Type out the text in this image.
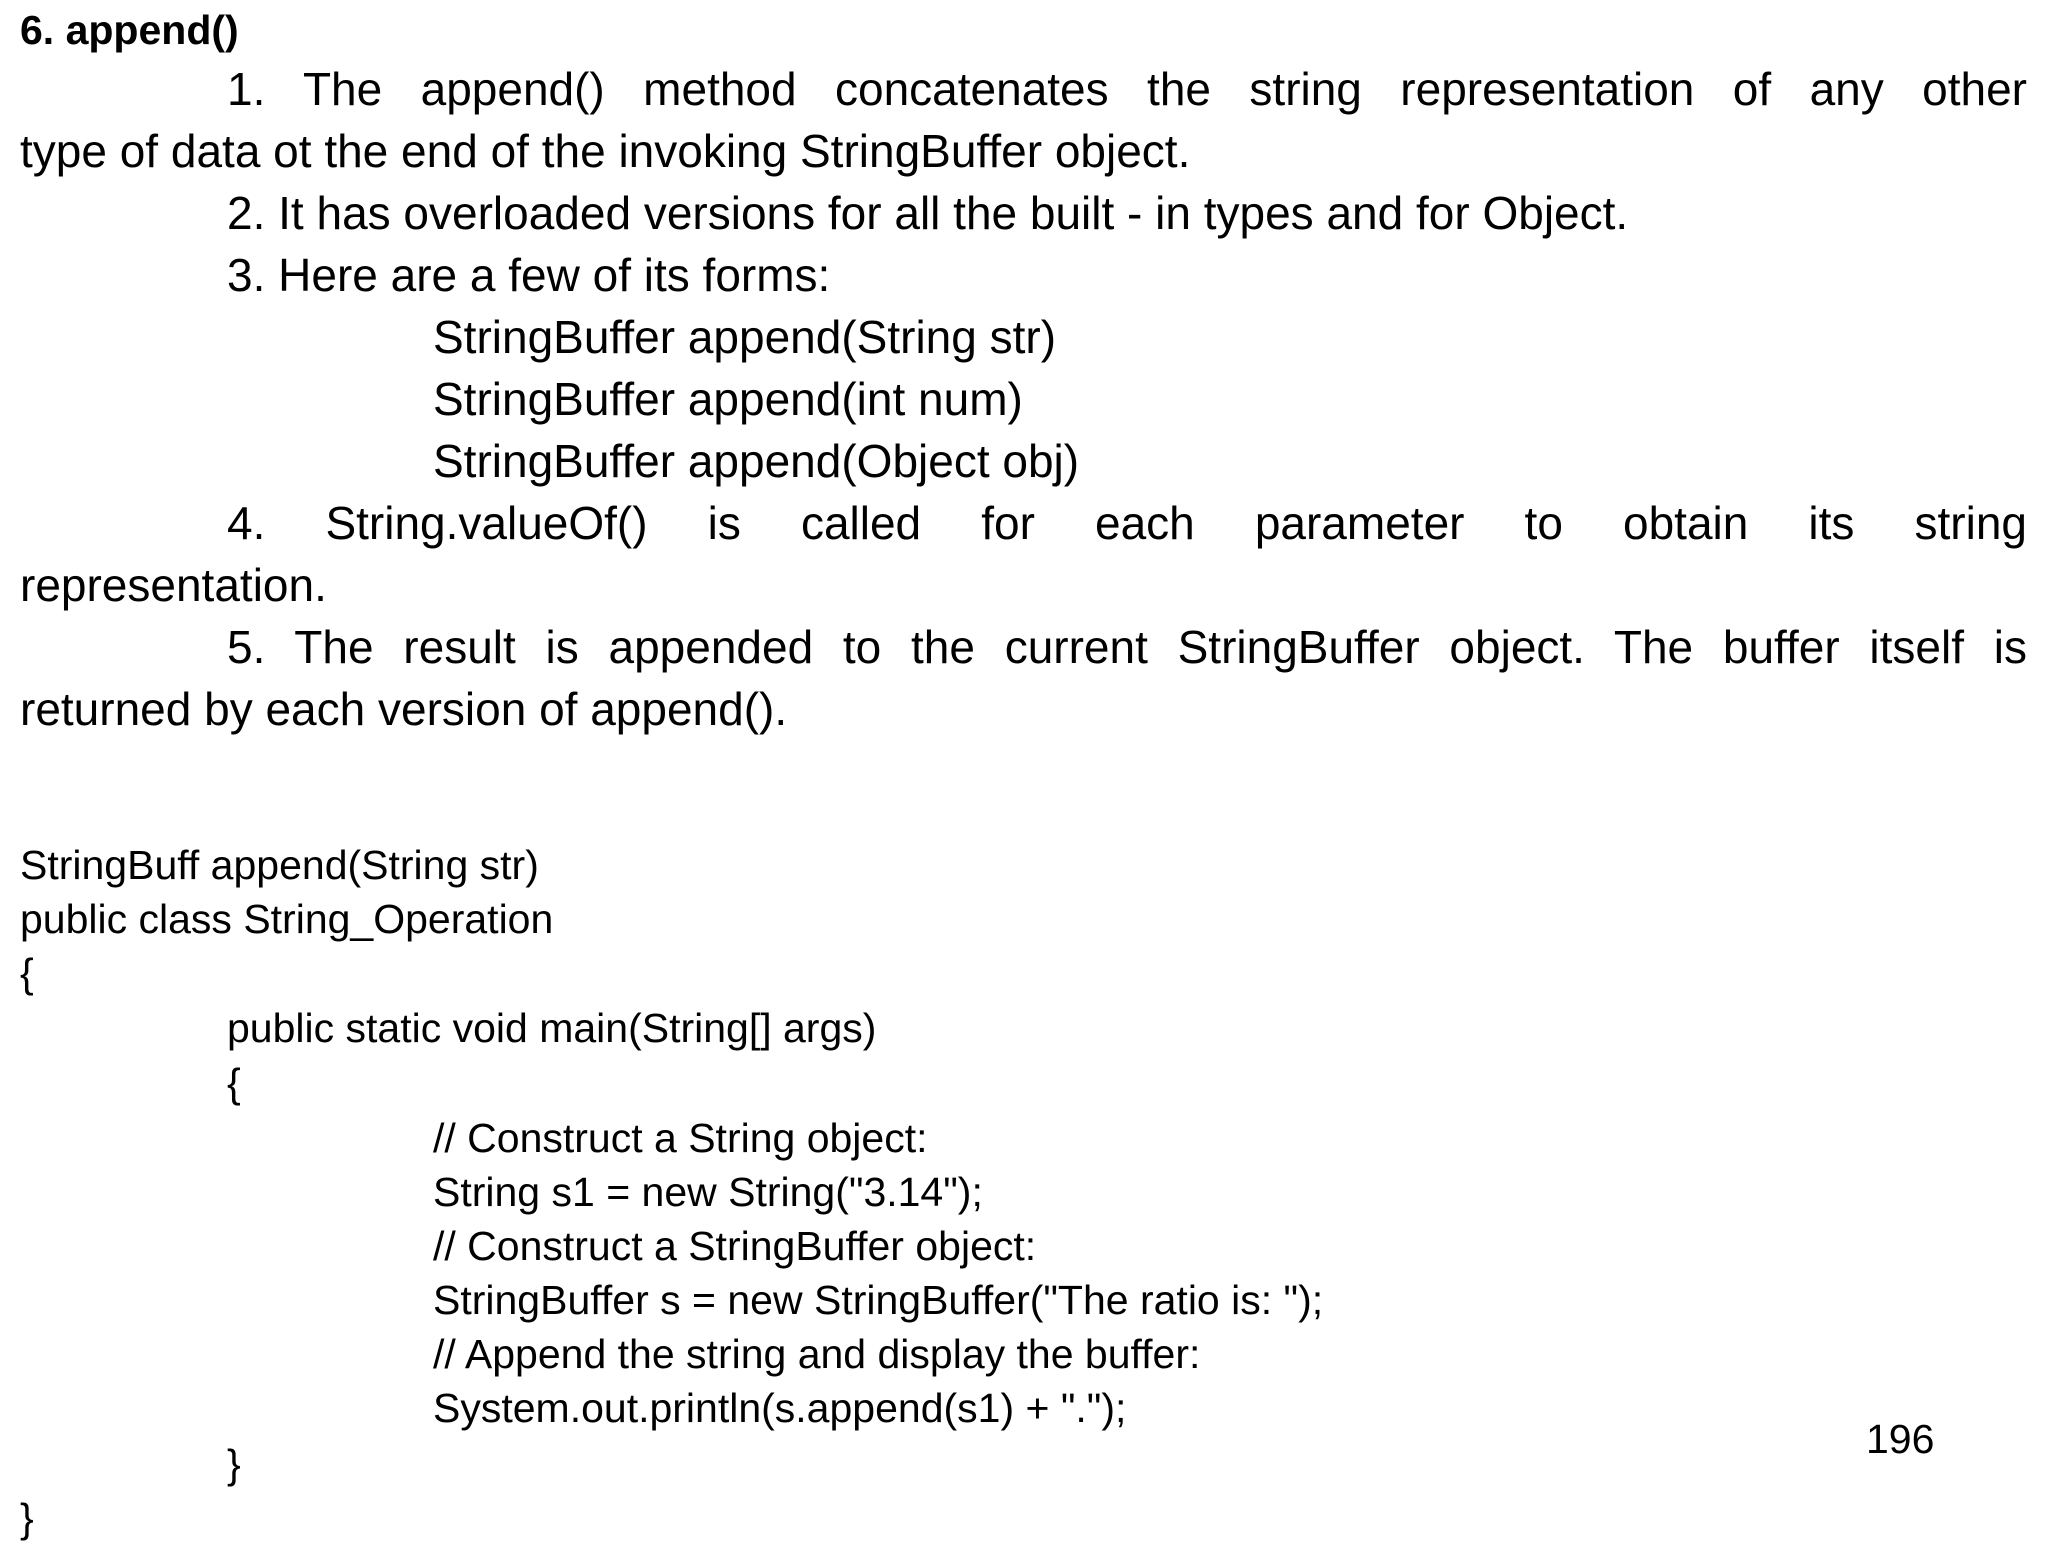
6. append()
1. The append() method concatenates the string representation of any other
type of data ot the end of the invoking StringBuffer object.
2. It has overloaded versions for all the built - in types and for Object.
3. Here are a few of its forms:
StringBuffer append(String str)
StringBuffer append(int num)
StringBuffer append(Object obj)
4. String.valueOf() is called for each parameter to obtain its string
representation.
5. The result is appended to the current StringBuffer object. The buffer itself is
returned by each version of append().
StringBuff append(String str)
public class String_Operation
{
public static void main(String[] args)
{
// Construct a String object:
String s1 = new String("3.14");
// Construct a StringBuffer object:
StringBuffer s = new StringBuffer("The ratio is: ");
// Append the string and display the buffer:
System.out.println(s.append(s1) + ".");
}
}
196
